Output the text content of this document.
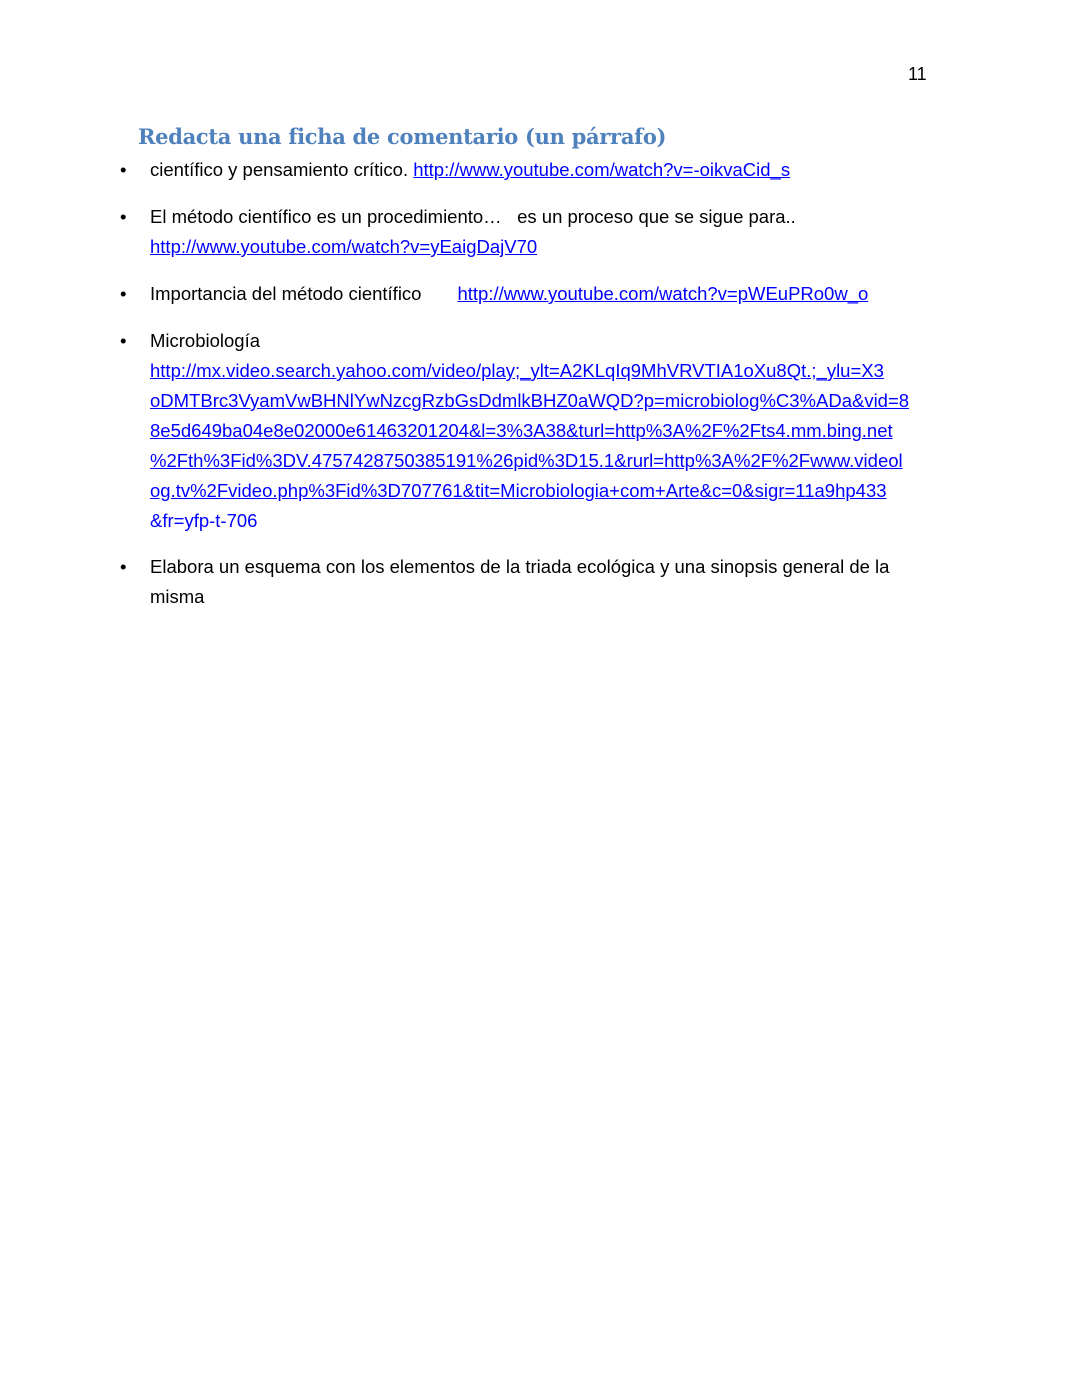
11
Redacta una ficha de comentario (un párrafo)
•	científico y pensamiento crítico. http://www.youtube.com/watch?v=-oikvaCid_s
•	El método científico es un procedimiento…   es un proceso que se sigue para..
http://www.youtube.com/watch?v=yEaigDajV70
•	Importancia del método científico http://www.youtube.com/watch?v=pWEuPRo0w_o
•	Microbiología
http://mx.video.search.yahoo.com/video/play;_ylt=A2KLqIq9MhVRVTIA1oXu8Qt.;_ylu=X3
oDMTBrc3VyamVwBHNlYwNzcgRzbGsDdmlkBHZ0aWQD?p=microbiolog%C3%ADa&vid=8
8e5d649ba04e8e02000e61463201204&l=3%3A38&turl=http%3A%2F%2Fts4.mm.bing.net
%2Fth%3Fid%3DV.4757428750385191%26pid%3D15.1&rurl=http%3A%2F%2Fwww.videol
og.tv%2Fvideo.php%3Fid%3D707761&tit=Microbiologia+com+Arte&c=0&sigr=11a9hp433
&fr=yfp-t-706
•	Elabora un esquema con los elementos de la triada ecológica y una sinopsis general de la
misma
